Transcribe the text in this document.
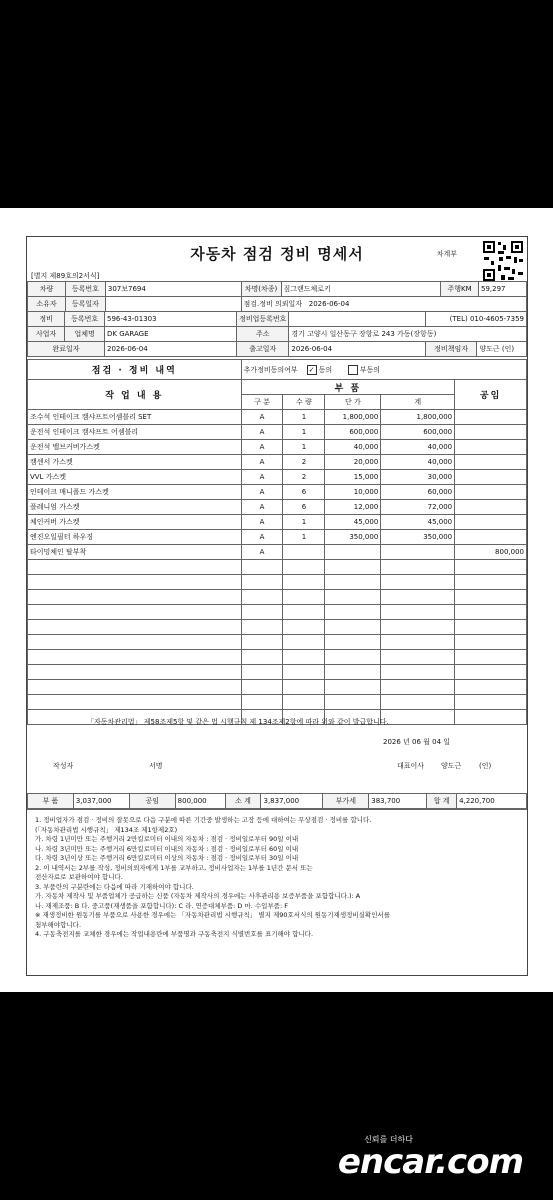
자동차 점검 정비 명세서
[별지 제89호의2서식]
차계부
차량	등록번호	307보7694	차명(차종)	짚그랜드체로키	주행KM	59,297
소유자	등록일자		점검.정비 의뢰일자 2026-06-04			
정비	등록번호	596-43-01303	정비업등록번호		(TEL) 010-4605-7359	
사업자	업체명	DK GARAGE	주소	경기 고양시 일산동구 장항로 243 가동(장항동)		
완료일자		2026-06-04	출고일자	2026-06-04	정비책임자	양도근 (인)
점검 · 정비 내역	추가정비동의여부 ✓ 동의 부동의				
작 업 내 용	부 품				공임
	구 분	수 량	단 가	계	
조수석 인테이크 캠샤프트어셈블리 SET	A	1	1,800,000	1,800,000	
운전석 인테이크 캠샤프트 어셈블리	A	1	600,000	600,000	
운전석 밸브커버가스켓	A	1	40,000	40,000	
캠센서 가스켓	A	2	20,000	40,000	
VVL 가스켓	A	2	15,000	30,000	
인테이크 매니폴드 가스켓	A	6	10,000	60,000	
플레니엄 가스켓	A	6	12,000	72,000	
체인커버 가스켓	A	1	45,000	45,000	
엔진오일필터 하우징	A	1	350,000	350,000	
타이밍체인 탈부착	A				800,000

부 품	3,037,000	공임	800,000	소 계	3,837,000	부가세	383,700	합 계	4,220,700
「자동차관리법」 제58조제5항 및 같은 법 시행규칙 제 134조제2항에 따라 위와 같이 발급합니다.
2026 년 06 월 04 일
작성자	서명	대표이사 양도근	(인)
1. 정비업자가 점검 · 정비의 잘못으로 다음 구분에 따른 기간중 발생하는 고장 등에 대하여는 무상점검 · 정비를 합니다.
(「자동차관리법 시행규칙」 제134조 제1항제2호)
가. 차령 1년미만 또는 주행거리 2만킬로미터 이내의 자동차 : 점검 · 정비일로부터 90일 이내
나. 차령 3년미만 또는 주행거리 6만킬로미터 이내의 자동차 : 점검 · 정비일로부터 60일 이내
다. 차령 3년이상 또는 주행거리 6만킬로미터 이상의 자동차 : 점검 · 정비일로부터 30일 이내
2. 이 내역서는 2부를 작성, 정비의뢰자에게 1부를 교부하고, 정비사업자는 1부를 1년간 문서 또는
전산자료로 보관하여야 합니다.
3. 부품란의 구분란에는 다음에 따라 기재하여야 합니다.
가. 자동차 제작사 및 부품업체가 공급하는 신품 (자동차 제작사의 경우에는 사후관리용 보증부품을 포함합니다.): A
나. 재제조품: B 다. 중고품(재생품을 포함합니다): C 라. 연증대체부품: D 마. 수입부품: F
※ 재생정비한 원동기를 부품으로 사용한 경우에는 「자동차관리법 시행규칙」 별지 제90호서식의 원동기재생정비실확인서를
첨부해야합니다.
4. 구동축전지를 교체한 경우에는 작업내용란에 부품명과 구동축전지 식별번호를 표기해야 합니다.
신뢰를 더하다
encar.com
